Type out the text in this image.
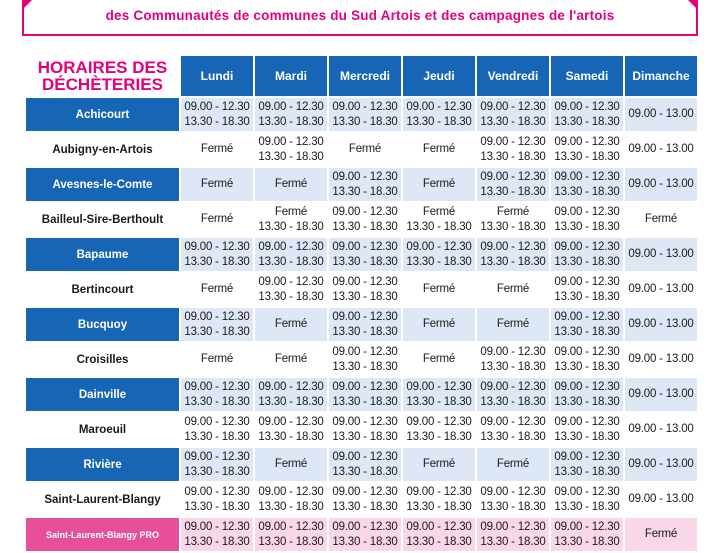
des Communautés de communes du Sud Artois et des campagnes de l'artois
HORAIRES DES DÉCHÈTERIES	Lundi	Mardi	Mercredi	Jeudi	Vendredi	Samedi	Dimanche
Achicourt	09.00 - 12.30
13.30 - 18.30	09.00 - 12.30
13.30 - 18.30	09.00 - 12.30
13.30 - 18.30	09.00 - 12.30
13.30 - 18.30	09.00 - 12.30
13.30 - 18.30	09.00 - 12.30
13.30 - 18.30	09.00 - 13.00

Aubigny-en-Artois	Fermé	09.00 - 12.30
13.30 - 18.30	Fermé	Fermé	09.00 - 12.30
13.30 - 18.30	09.00 - 12.30
13.30 - 18.30	09.00 - 13.00

Avesnes-le-Comte	Fermé	Fermé	09.00 - 12.30
13.30 - 18.30	Fermé	09.00 - 12.30
13.30 - 18.30	09.00 - 12.30
13.30 - 18.30	09.00 - 13.00

Bailleul-Sire-Berthoult	Fermé	Fermé
13.30 - 18.30	09.00 - 12.30
13.30 - 18.30	Fermé
13.30 - 18.30	Fermé
13.30 - 18.30	09.00 - 12.30
13.30 - 18.30	Fermé

Bapaume	09.00 - 12.30
13.30 - 18.30	09.00 - 12.30
13.30 - 18.30	09.00 - 12.30
13.30 - 18.30	09.00 - 12.30
13.30 - 18.30	09.00 - 12.30
13.30 - 18.30	09.00 - 12.30
13.30 - 18.30	09.00 - 13.00

Bertincourt	Fermé	09.00 - 12.30
13.30 - 18.30	09.00 - 12.30
13.30 - 18.30	Fermé	Fermé	09.00 - 12.30
13.30 - 18.30	09.00 - 13.00

Bucquoy	09.00 - 12.30
13.30 - 18.30	Fermé	09.00 - 12.30
13.30 - 18.30	Fermé	Fermé	09.00 - 12.30
13.30 - 18.30	09.00 - 13.00

Croisilles	Fermé	Fermé	09.00 - 12.30
13.30 - 18.30	Fermé	09.00 - 12.30
13.30 - 18.30	09.00 - 12.30
13.30 - 18.30	09.00 - 13.00

Dainville	09.00 - 12.30
13.30 - 18.30	09.00 - 12.30
13.30 - 18.30	09.00 - 12.30
13.30 - 18.30	09.00 - 12.30
13.30 - 18.30	09.00 - 12.30
13.30 - 18.30	09.00 - 12.30
13.30 - 18.30	09.00 - 13.00

Maroeuil	09.00 - 12.30
13.30 - 18.30	09.00 - 12.30
13.30 - 18.30	09.00 - 12.30
13.30 - 18.30	09.00 - 12.30
13.30 - 18.30	09.00 - 12.30
13.30 - 18.30	09.00 - 12.30
13.30 - 18.30	09.00 - 13.00

Rivière	09.00 - 12.30
13.30 - 18.30	Fermé	09.00 - 12.30
13.30 - 18.30	Fermé	Fermé	09.00 - 12.30
13.30 - 18.30	09.00 - 13.00

Saint-Laurent-Blangy	09.00 - 12.30
13.30 - 18.30	09.00 - 12.30
13.30 - 18.30	09.00 - 12.30
13.30 - 18.30	09.00 - 12.30
13.30 - 18.30	09.00 - 12.30
13.30 - 18.30	09.00 - 12.30
13.30 - 18.30	09.00 - 13.00

Saint-Laurent-Blangy PRO	09.00 - 12.30
13.30 - 18.30	09.00 - 12.30
13.30 - 18.30	09.00 - 12.30
13.30 - 18.30	09.00 - 12.30
13.30 - 18.30	09.00 - 12.30
13.30 - 18.30	09.00 - 12.30
13.30 - 18.30	Fermé
